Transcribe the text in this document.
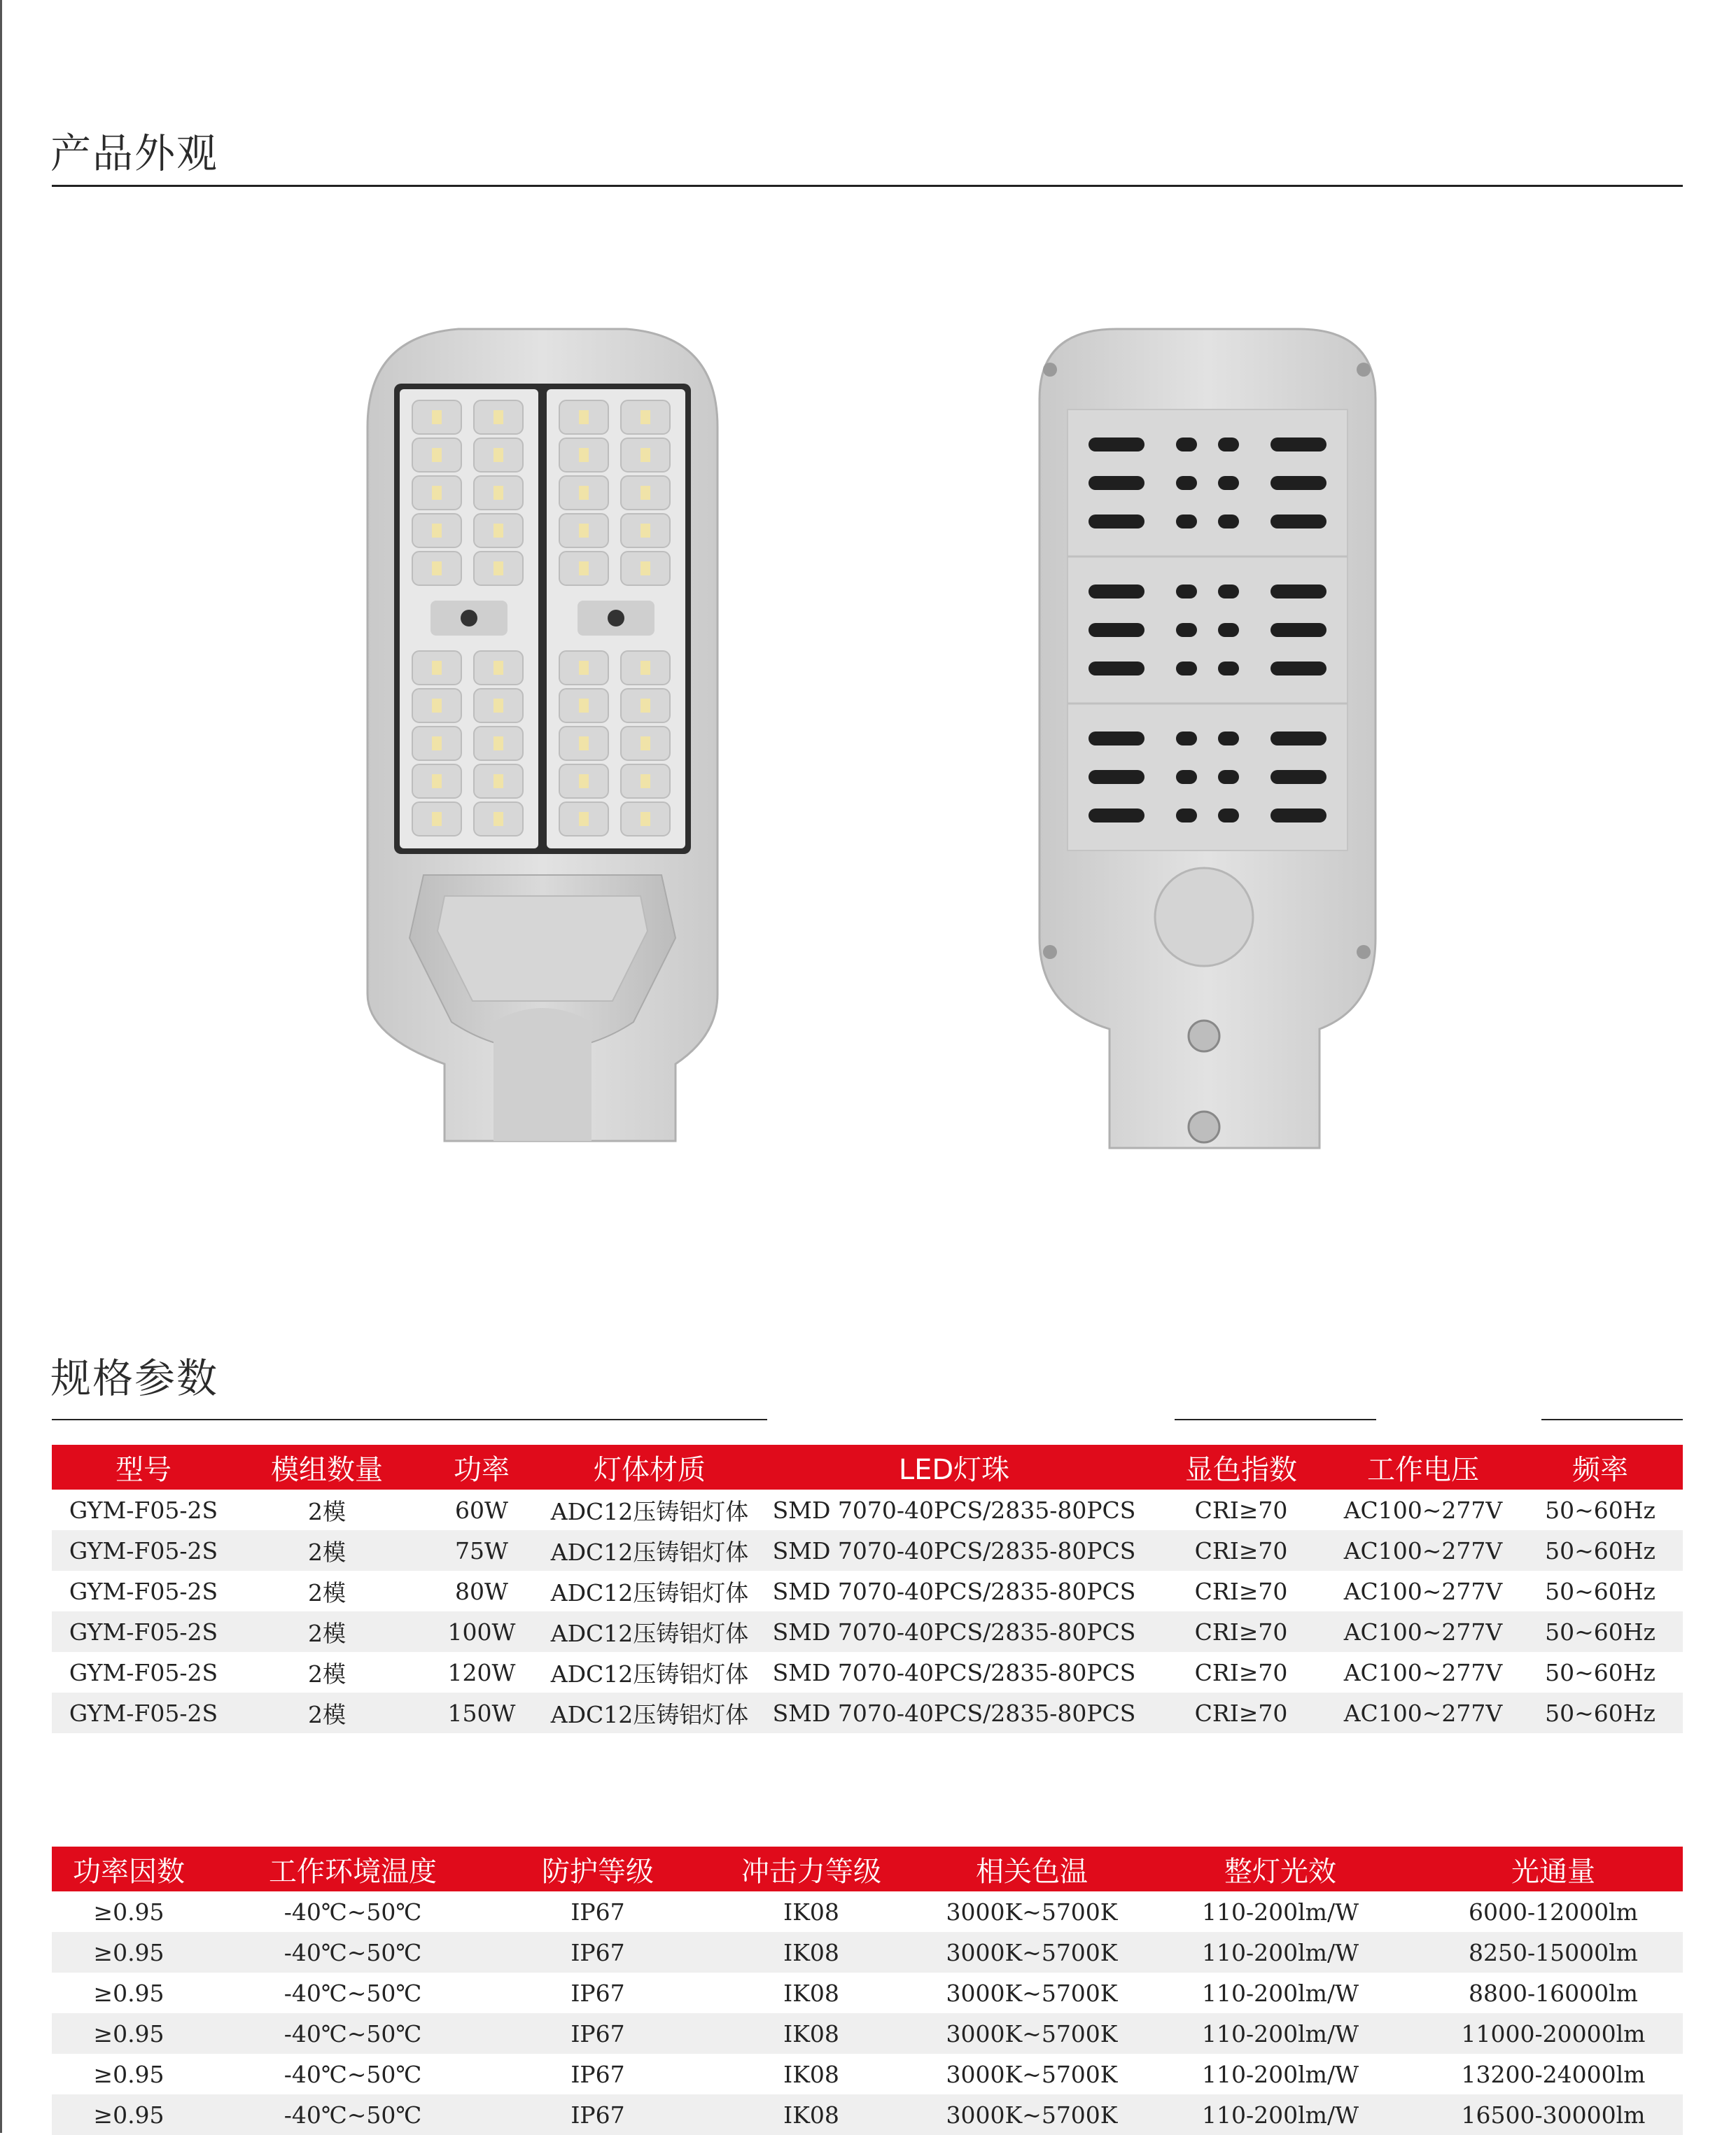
产品外观
规格参数
型号	模组数量	功率	灯体材质	LED灯珠	显色指数	工作电压	频率
GYM-F05-2S	2模	60W	ADC12压铸铝灯体	SMD 7070-40PCS/2835-80PCS	CRI≥70	AC100~277V	50~60Hz
GYM-F05-2S	2模	75W	ADC12压铸铝灯体	SMD 7070-40PCS/2835-80PCS	CRI≥70	AC100~277V	50~60Hz
GYM-F05-2S	2模	80W	ADC12压铸铝灯体	SMD 7070-40PCS/2835-80PCS	CRI≥70	AC100~277V	50~60Hz
GYM-F05-2S	2模	100W	ADC12压铸铝灯体	SMD 7070-40PCS/2835-80PCS	CRI≥70	AC100~277V	50~60Hz
GYM-F05-2S	2模	120W	ADC12压铸铝灯体	SMD 7070-40PCS/2835-80PCS	CRI≥70	AC100~277V	50~60Hz
GYM-F05-2S	2模	150W	ADC12压铸铝灯体	SMD 7070-40PCS/2835-80PCS	CRI≥70	AC100~277V	50~60Hz
功率因数	工作环境温度	防护等级	冲击力等级	相关色温	整灯光效	光通量
≥0.95	-40℃~50℃	IP67	IK08	3000K~5700K	110-200lm/W	6000-12000lm
≥0.95	-40℃~50℃	IP67	IK08	3000K~5700K	110-200lm/W	8250-15000lm
≥0.95	-40℃~50℃	IP67	IK08	3000K~5700K	110-200lm/W	8800-16000lm
≥0.95	-40℃~50℃	IP67	IK08	3000K~5700K	110-200lm/W	11000-20000lm
≥0.95	-40℃~50℃	IP67	IK08	3000K~5700K	110-200lm/W	13200-24000lm
≥0.95	-40℃~50℃	IP67	IK08	3000K~5700K	110-200lm/W	16500-30000lm
